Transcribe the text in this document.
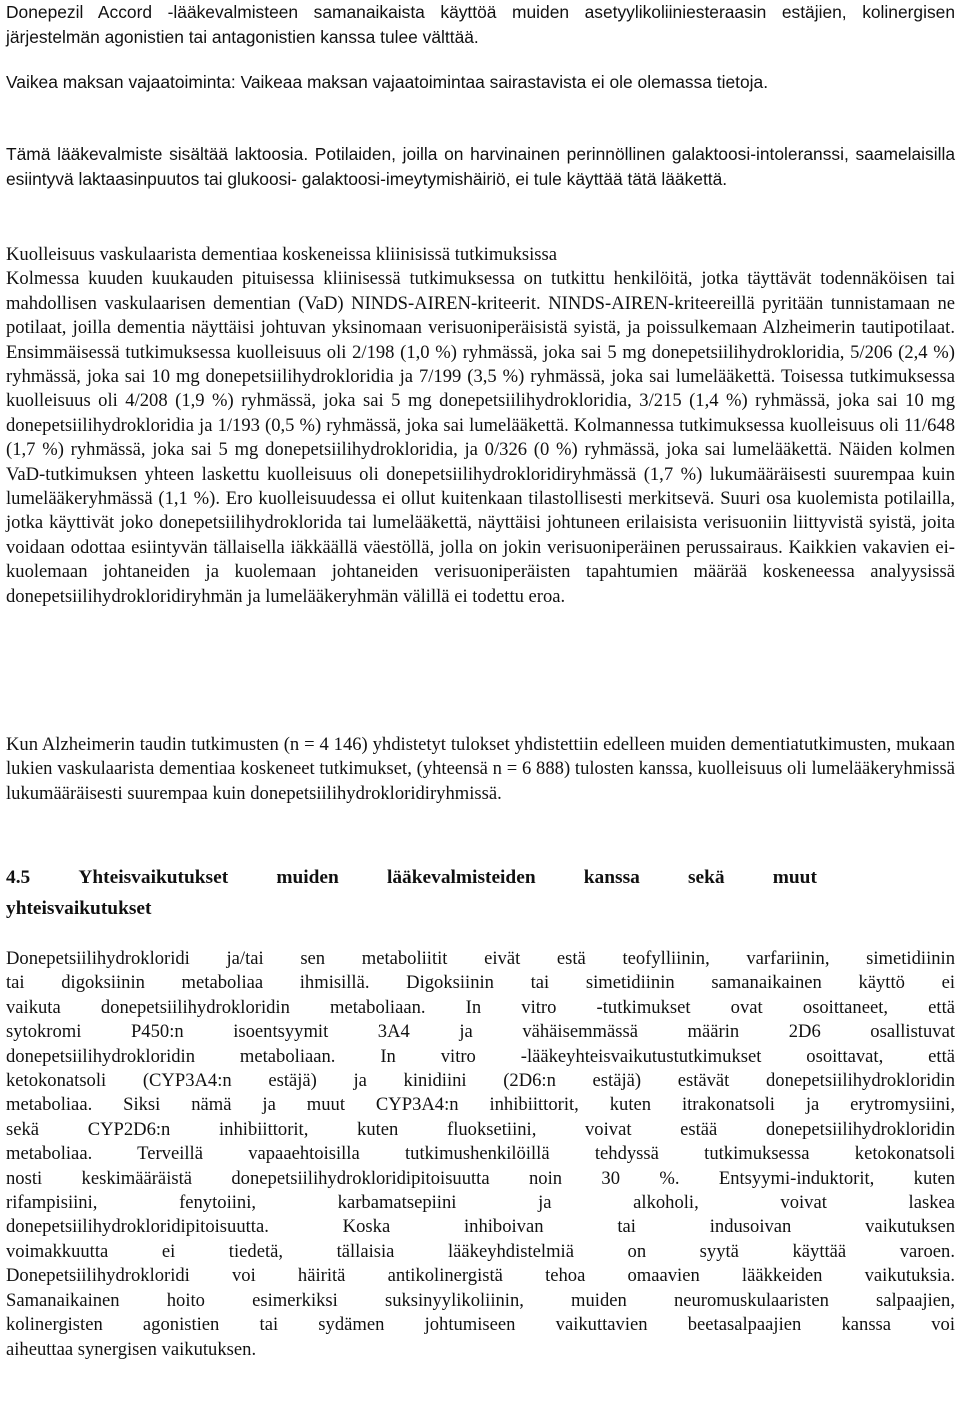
Donepezil Accord -lääkevalmisteen samanaikaista käyttöä muiden asetyylikoliiniesteraasin estäjien, kolinergisen järjestelmän agonistien tai antagonistien kanssa tulee välttää.

Vaikea maksan vajaatoiminta: Vaikeaa maksan vajaatoimintaa sairastavista ei ole olemassa tietoja.

Tämä lääkevalmiste sisältää laktoosia. Potilaiden, joilla on harvinainen perinnöllinen galaktoosi-intoleranssi, saamelaisilla esiintyvä laktaasinpuutos tai glukoosi- galaktoosi-imeytymishäiriö, ei tule käyttää tätä lääkettä.

Kuolleisuus vaskulaarista dementiaa koskeneissa kliinisissä tutkimuksissa
Kolmessa kuuden kuukauden pituisessa kliinisessä tutkimuksessa on tutkittu henkilöitä, jotka täyttävät todennäköisen tai mahdollisen vaskulaarisen dementian (VaD) NINDS-AIREN-kriteerit. NINDS-AIREN-kriteereillä pyritään tunnistamaan ne potilaat, joilla dementia näyttäisi johtuvan yksinomaan verisuoniperäisistä syistä, ja poissulkemaan Alzheimerin tautipotilaat. Ensimmäisessä tutkimuksessa kuolleisuus oli 2/198 (1,0 %) ryhmässä, joka sai 5 mg donepetsiilihydrokloridia, 5/206 (2,4 %) ryhmässä, joka sai 10 mg donepetsiilihydrokloridia ja 7/199 (3,5 %) ryhmässä, joka sai lumelääkettä. Toisessa tutkimuksessa kuolleisuus oli 4/208 (1,9 %) ryhmässä, joka sai 5 mg donepetsiilihydrokloridia, 3/215 (1,4 %) ryhmässä, joka sai 10 mg donepetsiilihydrokloridia ja 1/193 (0,5 %) ryhmässä, joka sai lumelääkettä. Kolmannessa tutkimuksessa kuolleisuus oli 11/648 (1,7 %) ryhmässä, joka sai 5 mg donepetsiilihydrokloridia, ja 0/326 (0 %) ryhmässä, joka sai lumelääkettä. Näiden kolmen VaD-tutkimuksen yhteen laskettu kuolleisuus oli donepetsiilihydrokloridiryhmässä (1,7 %) lukumääräisesti suurempaa kuin lumelääkeryhmässä (1,1 %). Ero kuolleisuudessa ei ollut kuitenkaan tilastollisesti merkitsevä. Suuri osa kuolemista potilailla, jotka käyttivät joko donepetsiilihydroklorida tai lumelääkettä, näyttäisi johtuneen erilaisista verisuoniin liittyvistä syistä, joita voidaan odottaa esiintyvän tällaisella iäkkäällä väestöllä, jolla on jokin verisuoniperäinen perussairaus. Kaikkien vakavien ei-kuolemaan johtaneiden ja kuolemaan johtaneiden verisuoniperäisten tapahtumien määrää koskeneessa analyysissä donepetsiilihydrokloridiryhmän ja lumelääkeryhmän välillä ei todettu eroa.

Kun Alzheimerin taudin tutkimusten (n = 4 146) yhdistetyt tulokset yhdistettiin edelleen muiden dementiatutkimusten, mukaan lukien vaskulaarista dementiaa koskeneet tutkimukset, (yhteensä n = 6 888) tulosten kanssa, kuolleisuus oli lumelääkeryhmissä lukumääräisesti suurempaa kuin donepetsiilihydrokloridiryhmissä.

4.5 Yhteisvaikutukset muiden lääkevalmisteiden kanssa sekä muut
yhteisvaikutukset
Donepetsiilihydrokloridi ja/tai sen metaboliitit eivät estä teofylliinin, varfariinin, simetidiinin
tai digoksiinin metaboliaa ihmisillä. Digoksiinin tai simetidiinin samanaikainen käyttö ei
vaikuta donepetsiilihydrokloridin metaboliaan. In vitro -tutkimukset ovat osoittaneet, että
sytokromi P450:n isoentsyymit 3A4 ja vähäisemmässä määrin 2D6 osallistuvat
donepetsiilihydrokloridin metaboliaan. In vitro -lääkeyhteisvaikutustutkimukset osoittavat, että
ketokonatsoli (CYP3A4:n estäjä) ja kinidiini (2D6:n estäjä) estävät donepetsiilihydrokloridin
metaboliaa. Siksi nämä ja muut CYP3A4:n inhibiittorit, kuten itrakonatsoli ja erytromysiini,
sekä CYP2D6:n inhibiittorit, kuten fluoksetiini, voivat estää donepetsiilihydrokloridin
metaboliaa. Terveillä vapaaehtoisilla tutkimushenkilöillä tehdyssä tutkimuksessa ketokonatsoli
nosti keskimääräistä donepetsiilihydrokloridipitoisuutta noin 30 %. Entsyymi-induktorit, kuten
rifampisiini, fenytoiini, karbamatsepiini ja alkoholi, voivat laskea
donepetsiilihydrokloridipitoisuutta. Koska inhiboivan tai indusoivan vaikutuksen
voimakkuutta ei tiedetä, tällaisia lääkeyhdistelmiä on syytä käyttää varoen.
Donepetsiilihydrokloridi voi häiritä antikolinergistä tehoa omaavien lääkkeiden vaikutuksia.
Samanaikainen hoito esimerkiksi suksinyylikoliinin, muiden neuromuskulaaristen salpaajien,
kolinergisten agonistien tai sydämen johtumiseen vaikuttavien beetasalpaajien kanssa voi
aiheuttaa synergisen vaikutuksen.
